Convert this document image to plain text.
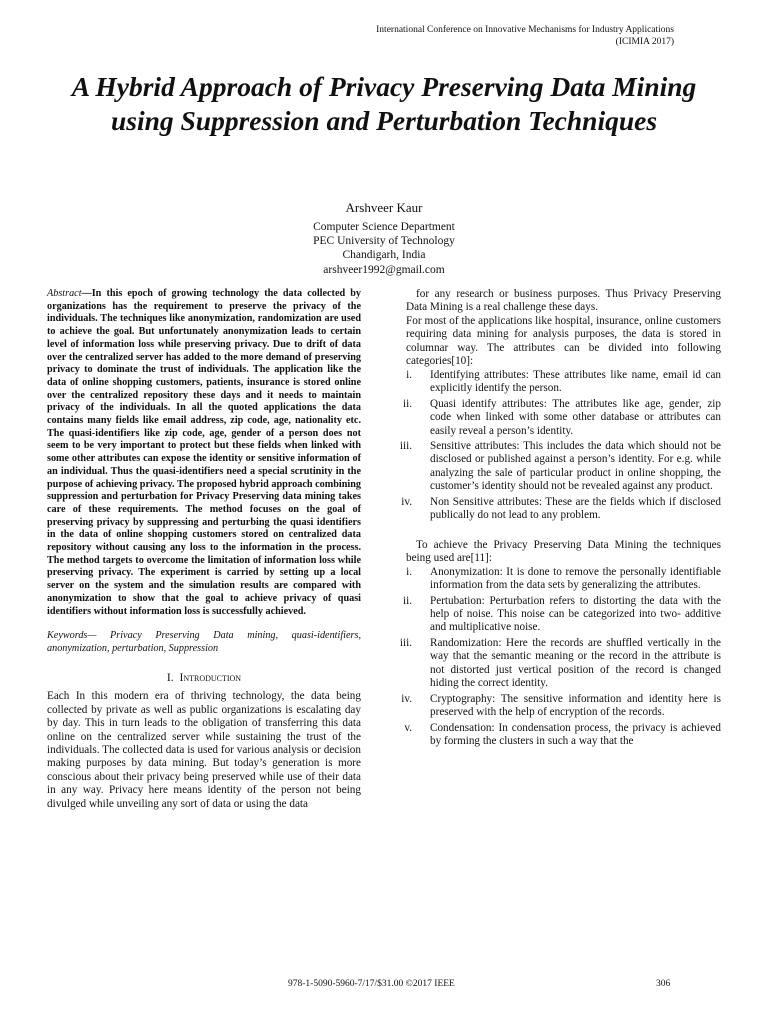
International Conference on Innovative Mechanisms for Industry Applications
(ICIMIA 2017)
A Hybrid Approach of Privacy Preserving Data Mining using Suppression and Perturbation Techniques
Arshveer Kaur
Computer Science Department
PEC University of Technology
Chandigarh, India
arshveer1992@gmail.com

Abstract—In this epoch of growing technology the data collected by organizations has the requirement to preserve the privacy of the individuals. The techniques like anonymization, randomization are used to achieve the goal. But unfortunately anonymization leads to certain level of information loss while preserving privacy. Due to drift of data over the centralized server has added to the more demand of preserving privacy to dominate the trust of individuals. The application like the data of online shopping customers, patients, insurance is stored online over the centralized repository these days and it needs to maintain privacy of the individuals. In all the quoted applications the data contains many fields like email address, zip code, age, nationality etc. The quasi-identifiers like zip code, age, gender of a person does not seem to be very important to protect but these fields when linked with some other attributes can expose the identity or sensitive information of an individual. Thus the quasi-identifiers need a special scrutinity in the purpose of achieving privacy. The proposed hybrid approach combining suppression and perturbation for Privacy Preserving data mining takes care of these requirements. The method focuses on the goal of preserving privacy by suppressing and perturbing the quasi identifiers in the data of online shopping customers stored on centralized data repository without causing any loss to the information in the process. The method targets to overcome the limitation of information loss while preserving privacy. The experiment is carried by setting up a local server on the system and the simulation results are compared with anonymization to show that the goal to achieve privacy of quasi identifiers without information loss is successfully achieved.

Keywords— Privacy Preserving Data mining, quasi-identifiers, anonymization, perturbation, Suppression

I. Introduction

Each In this modern era of thriving technology, the data being collected by private as well as public organizations is escalating day by day. This in turn leads to the obligation of transferring this data online on the centralized server while sustaining the trust of the individuals. The collected data is used for various analysis or decision making purposes by data mining. But today’s generation is more conscious about their privacy being preserved while use of their data in any way. Privacy here means identity of the person not being divulged while unveiling any sort of data or using the data

for any research or business purposes. Thus Privacy Preserving Data Mining is a real challenge these days.

For most of the applications like hospital, insurance, online customers requiring data mining for analysis purposes, the data is stored in columnar way. The attributes can be divided into following categories[10]:

i. Identifying attributes: These attributes like name, email id can explicitly identify the person.
ii. Quasi identify attributes: The attributes like age, gender, zip code when linked with some other database or attributes can easily reveal a person’s identity.
iii. Sensitive attributes: This includes the data which should not be disclosed or published against a person’s identity. For e.g. while analyzing the sale of particular product in online shopping, the customer’s identity should not be revealed against any product.
iv. Non Sensitive attributes: These are the fields which if disclosed publically do not lead to any problem.

To achieve the Privacy Preserving Data Mining the techniques being used are[11]:

i. Anonymization: It is done to remove the personally identifiable information from the data sets by generalizing the attributes.
ii. Pertubation: Perturbation refers to distorting the data with the help of noise. This noise can be categorized into two- additive and multiplicative noise.
iii. Randomization: Here the records are shuffled vertically in the way that the semantic meaning or the record in the attribute is not distorted just vertical position of the record is changed hiding the correct identity.
iv. Cryptography: The sensitive information and identity here is preserved with the help of encryption of the records.
v. Condensation: In condensation process, the privacy is achieved by forming the clusters in such a way that the
978-1-5090-5960-7/17/$31.00 ©2017 IEEE	306
